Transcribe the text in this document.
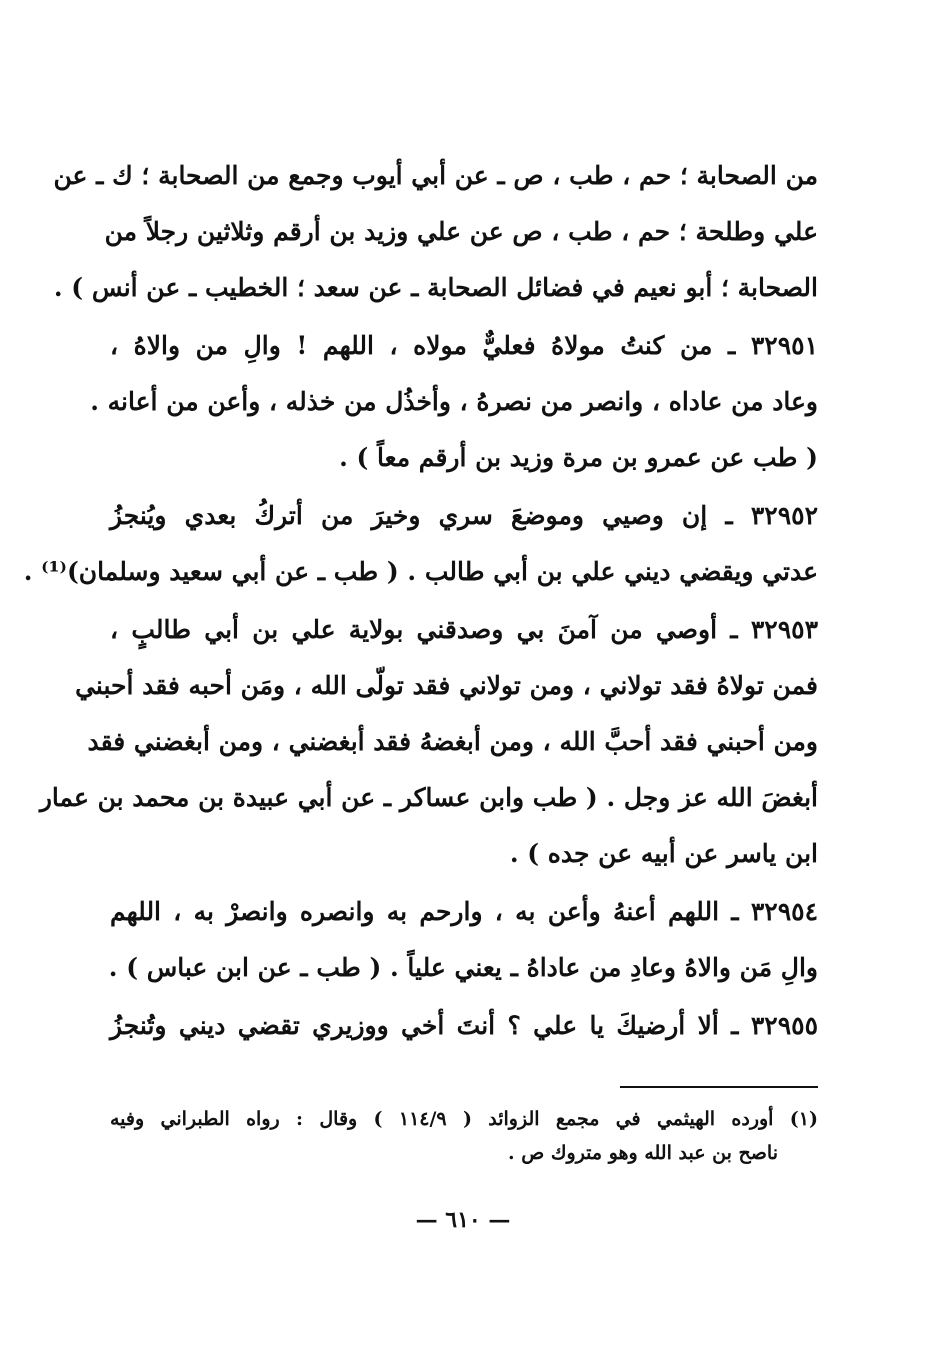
من الصحابة ؛ حم ، طب ، ص ـ عن أبي أيوب وجمع من الصحابة ؛ ك ـ عن
علي وطلحة ؛ حم ، طب ، ص عن علي وزيد بن أرقم وثلاثين رجلاً من
الصحابة ؛ أبو نعيم في فضائل الصحابة ـ عن سعد ؛ الخطيب ـ عن أنس ) .
٣٢٩٥١ ـ من كنتُ مولاهُ فعليٌّ مولاه ، اللهم ! والِ من والاهُ ،
وعاد من عاداه ، وانصر من نصرهُ ، وأخذُل من خذله ، وأعن من أعانه .
( طب عن عمرو بن مرة وزيد بن أرقم معاً ) .
٣٢٩٥٢ ـ إن وصيي وموضعَ سري وخيرَ من أتركُ بعدي ويُنجزُ
عدتي ويقضي ديني علي بن أبي طالب . ( طب ـ عن أبي سعيد وسلمان)⁽¹⁾ .
٣٢٩٥٣ ـ أوصي من آمنَ بي وصدقني بولاية علي بن أبي طالبٍ ،
فمن تولاهُ فقد تولاني ، ومن تولاني فقد تولّى الله ، ومَن أحبه فقد أحبني
ومن أحبني فقد أحبَّ الله ، ومن أبغضهُ فقد أبغضني ، ومن أبغضني فقد
أبغضَ الله عز وجل . ( طب وابن عساكر ـ عن أبي عبيدة بن محمد بن عمار
ابن ياسر عن أبيه عن جده ) .
٣٢٩٥٤ ـ اللهم أعنهُ وأعن به ، وارحم به وانصره وانصرْ به ، اللهم
والِ مَن والاهُ وعادِ من عاداهُ ـ يعني علياً . ( طب ـ عن ابن عباس ) .
٣٢٩٥٥ ـ ألا أرضيكَ يا علي ؟ أنتَ أخي ووزيري تقضي ديني وتُنجزُ
(١) أورده الهيثمي في مجمع الزوائد ( ١١٤/٩ ) وقال : رواه الطبراني وفيه
ناصح بن عبد الله وهو متروك ص .
— ٦١٠ —
